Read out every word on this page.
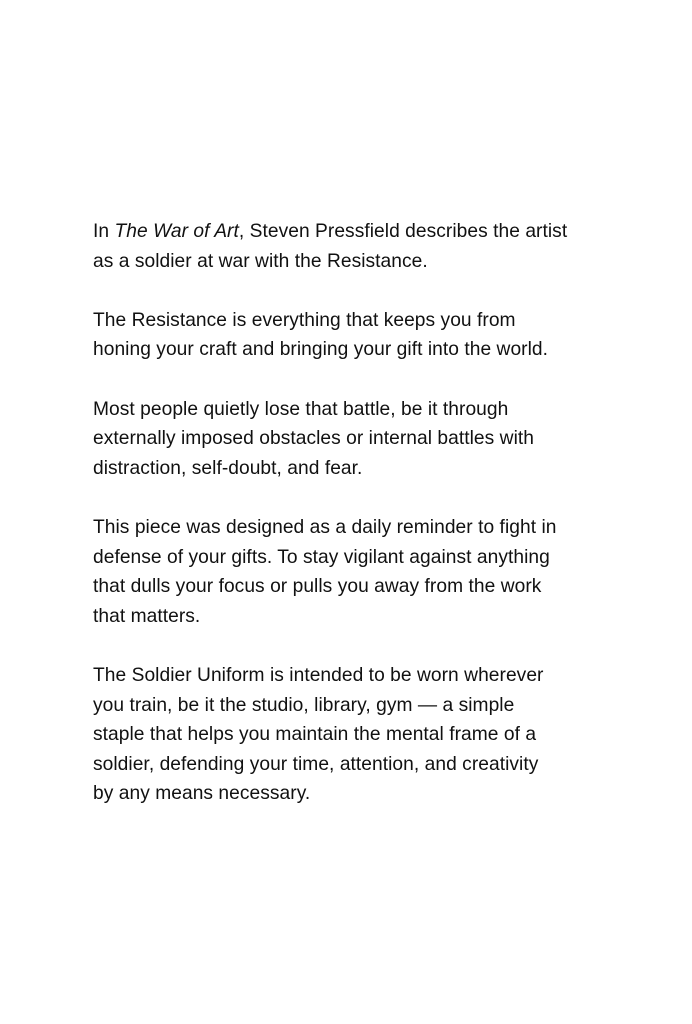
In The War of Art, Steven Pressfield describes the artist
as a soldier at war with the Resistance.

The Resistance is everything that keeps you from
honing your craft and bringing your gift into the world.

Most people quietly lose that battle, be it through
externally imposed obstacles or internal battles with
distraction, self-doubt, and fear.

This piece was designed as a daily reminder to fight in
defense of your gifts. To stay vigilant against anything
that dulls your focus or pulls you away from the work
that matters.

The Soldier Uniform is intended to be worn wherever
you train, be it the studio, library, gym — a simple
staple that helps you maintain the mental frame of a
soldier, defending your time, attention, and creativity
by any means necessary.
